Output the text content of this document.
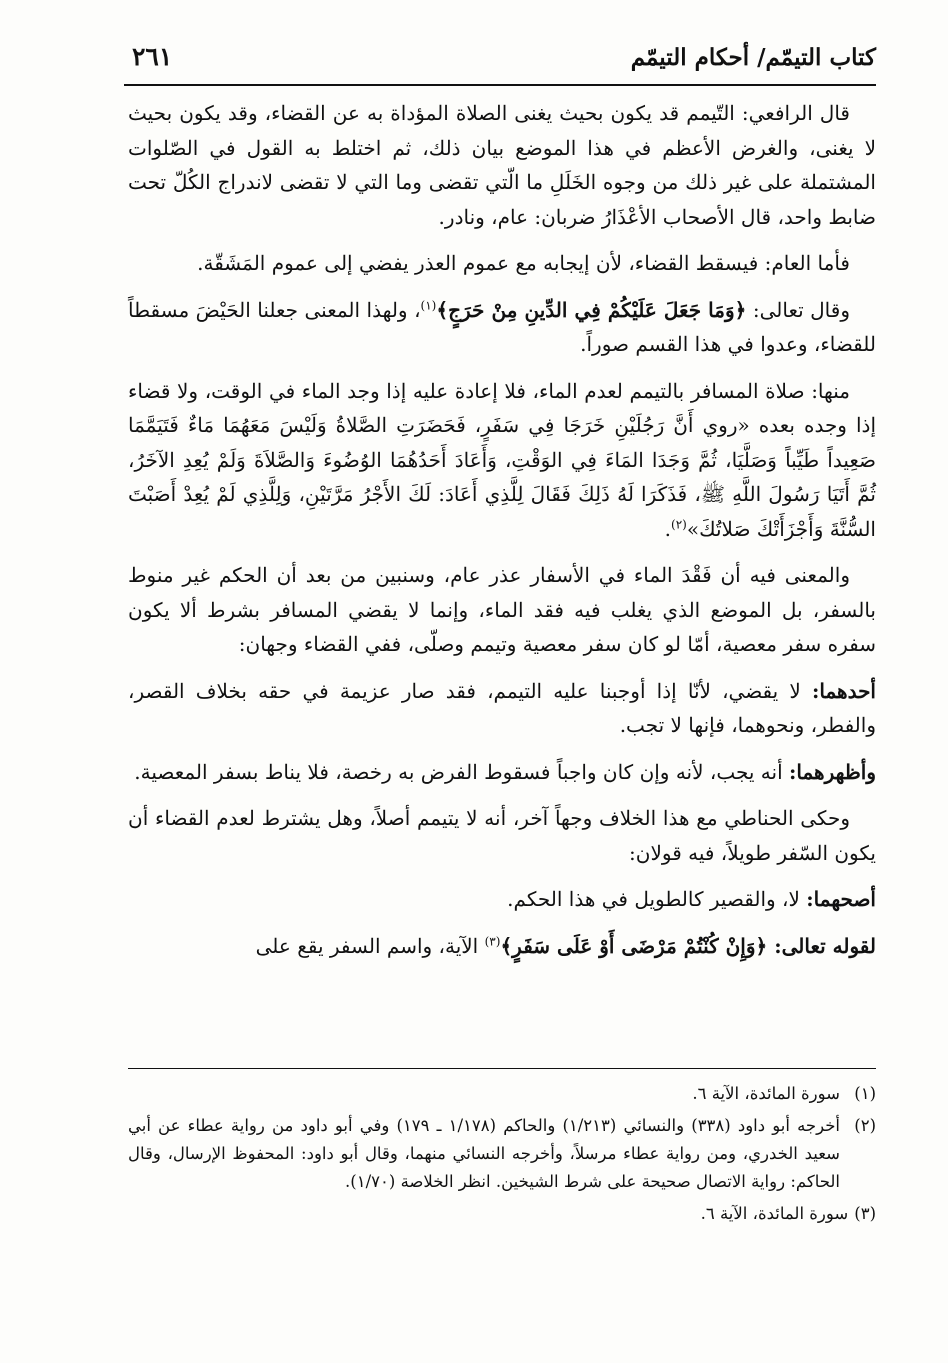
كتاب التيمّم/ أحكام التيمّم
٢٦١

قال الرافعي: التّيمم قد يكون بحيث يغنى الصلاة المؤداة به عن القضاء، وقد يكون بحيث لا يغنى، والغرض الأعظم في هذا الموضع بيان ذلك، ثم اختلط به القول في الصّلوات المشتملة على غير ذلك من وجوه الخَلَلِ ما الّتي تقضى وما التي لا تقضى لاندراج الكُلّ تحت ضابط واحد، قال الأصحاب الأعْذَارُ ضربان: عام، ونادر.

فأما العام: فيسقط القضاء، لأن إيجابه مع عموم العذر يفضي إلى عموم المَشَقّة.

وقال تعالى: ﴿وَمَا جَعَلَ عَلَيْكُمْ فِي الدِّينِ مِنْ حَرَجٍ﴾$^{(١)}$، ولهذا المعنى جعلنا الحَيْضَ مسقطاً للقضاء، وعدوا في هذا القسم صوراً.

منها: صلاة المسافر بالتيمم لعدم الماء، فلا إعادة عليه إذا وجد الماء في الوقت، ولا قضاء إذا وجده بعده «روي أَنَّ رَجُلَيْنِ خَرَجَا فِي سَفَرٍ، فَحَضَرَتِ الصَّلاةُ وَلَيْسَ مَعَهُمَا مَاءٌ فَتَيَمَّمَا صَعِيداً طَيِّباً وَصَلَّيَا، ثُمَّ وَجَدَا المَاءَ فِي الوَقْتِ، وَأَعَادَ أَحَدُهُمَا الوُضُوءَ وَالصَّلاَةَ وَلَمْ يُعِدِ الآخَرُ، ثُمَّ أَتَيَا رَسُولَ اللَّهِ ﷺ، فَذَكَرَا لَهُ ذَلِكَ فَقَالَ لِلَّذِي أَعَادَ: لَكَ الأَجْرُ مَرَّتَيْنِ، وَلِلَّذِي لَمْ يُعِدْ أَصَبْتَ السُّنَّةَ وَأَجْزَأَتْكَ صَلاتُكَ»$^{(٢)}$.

والمعنى فيه أن فَقْدَ الماء في الأسفار عذر عام، وسنبين من بعد أن الحكم غير منوط بالسفر، بل الموضع الذي يغلب فيه فقد الماء، وإنما لا يقضي المسافر بشرط ألا يكون سفره سفر معصية، أمّا لو كان سفر معصية وتيمم وصلّى، ففي القضاء وجهان:

أحدهما: لا يقضي، لأنّا إذا أوجبنا عليه التيمم، فقد صار عزيمة في حقه بخلاف القصر، والفطر، ونحوهما، فإنها لا تجب.

وأظهرهما: أنه يجب، لأنه وإن كان واجباً فسقوط الفرض به رخصة، فلا يناط بسفر المعصية.

وحكى الحناطي مع هذا الخلاف وجهاً آخر، أنه لا يتيمم أصلاً، وهل يشترط لعدم القضاء أن يكون السّفر طويلاً، فيه قولان:

أصحهما: لا، والقصير كالطويل في هذا الحكم.

لقوله تعالى: ﴿وَإِنْ كُنْتُمْ مَرْضَى أَوْ عَلَى سَفَرٍ﴾$^{(٣)}$ الآية، واسم السفر يقع على

(١)
سورة المائدة، الآية ٦.
(٢)
أخرجه أبو داود (٣٣٨) والنسائي (١/٢١٣) والحاكم (١/١٧٨ ـ ١٧٩) وفي أبو داود من رواية عطاء عن أبي سعيد الخدري، ومن رواية عطاء مرسلاً، وأخرجه النسائي منهما، وقال أبو داود: المحفوظ الإرسال، وقال الحاكم: رواية الاتصال صحيحة على شرط الشيخين. انظر الخلاصة (١/٧٠).
(٣)
سورة المائدة، الآية ٦.
